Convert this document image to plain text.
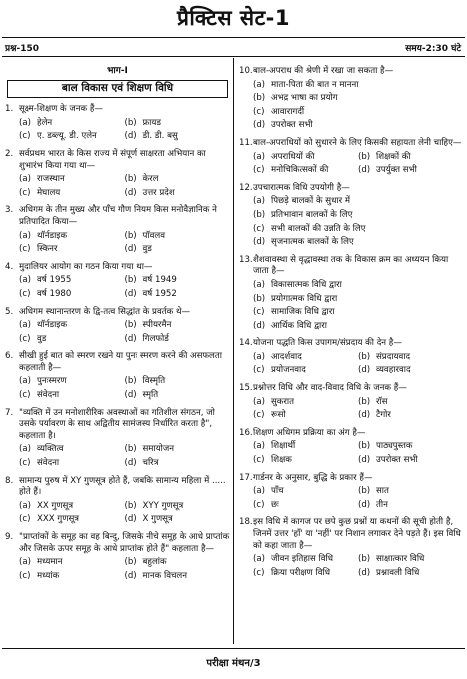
प्रैक्टिस सेट-1
प्रश्न-150	समय-2:30 घंटे
भाग-I
बाल विकास एवं शिक्षण विधि
1. सूक्ष्म-शिक्षण के जनक हैं—
(a) हेलेन	(b) फ्रायड
(c) ए. डब्ल्यू. डी. एलेन	(d) डी. डी. बसु
2. सर्वप्रथम भारत के किस राज्य में संपूर्ण साक्षरता अभियान का शुभारंभ किया गया था—
(a) राजस्थान	(b) केरल
(c) मेघालय	(d) उत्तर प्रदेश
3. अधिगम के तीन मुख्य और पाँच गौण नियम किस मनोवैज्ञानिक ने प्रतिपादित किया—
(a) थॉर्नडाइक	(b) पॉवलव
(c) स्किनर	(d) वुड
4. मुदालियर आयोग का गठन किया गया था—
(a) वर्ष 1955	(b) वर्ष 1949
(c) वर्ष 1980	(d) वर्ष 1952
5. अधिगम स्थानान्तरण के द्वि-तत्व सिद्धांत के प्रवर्तक थे—
(a) थॉर्नडाइक	(b) स्पीयरमैन
(c) वुड	(d) गिलफोर्ड
6. सीखी हुई बात को स्मरण रखने या पुनः स्मरण करने की असफलता कहलाती है—
(a) पुनःस्मरण	(b) विस्मृति
(c) संवेदना	(d) स्मृति
7. "व्यक्ति में उन मनोशारीरिक अवस्थाओं का गतिशील संगठन, जो उसके पर्यावरण के साथ अद्वितीय सामंजस्य निर्धारित करता है", कहलाता है।
(a) व्यक्तित्व	(b) समायोजन
(c) संवेदना	(d) चरित्र
8. सामान्य पुरुष में XY गुणसूत्र होते हैं, जबकि सामान्य महिला में ..... होते हैं।
(a) XX गुणसूत्र	(b) XYY गुणसूत्र
(c) XXX गुणसूत्र	(d) X गुणसूत्र
9. "प्राप्तांकों के समूह का वह बिन्दु, जिसके नीचे समूह के आधे प्राप्तांक और जिसके ऊपर समूह के आधे प्राप्तांक होते हैं" कहलाता है—
(a) मध्यमान	(b) बहुलांक
(c) मध्यांक	(d) मानक विचलन
10. बाल-अपराध की श्रेणी में रखा जा सकता है—
(a) माता-पिता की बात न मानना
(b) अभद्र भाषा का प्रयोग
(c) आवारागर्दी
(d) उपरोक्त सभी
11. बाल-अपराधियों को सुधारने के लिए किसकी सहायता लेनी चाहिए—
(a) अपराधियों की	(b) शिक्षकों की
(c) मनोचिकित्सकों की	(d) उपर्युक्त सभी
12. उपचारात्मक विधि उपयोगी है—
(a) पिछड़े बालकों के सुधार में
(b) प्रतिभावान बालकों के लिए
(c) सभी बालकों की उन्नति के लिए
(d) सृजनात्मक बालकों के लिए
13. शैशवावस्था से वृद्धावस्था तक के विकास क्रम का अध्ययन किया जाता है—
(a) विकासात्मक विधि द्वारा
(b) प्रयोगात्मक विधि द्वारा
(c) सामाजिक विधि द्वारा
(d) आर्थिक विधि द्वारा
14. योजना पद्धति किस उपागम/संप्रदाय की देन है—
(a) आदर्शवाद	(b) संप्रदायवाद
(c) प्रयोजनवाद	(d) व्यवहारवाद
15. प्रश्नोत्तर विधि और वाद-विवाद विधि के जनक हैं—
(a) सुकरात	(b) रॉस
(c) रूसो	(d) टैगोर
16. शिक्षण अधिगम प्रक्रिया का अंग है—
(a) शिक्षार्थी	(b) पाठ्यपुस्तक
(c) शिक्षक	(d) उपरोक्त सभी
17. गार्डनर के अनुसार, बुद्धि के प्रकार हैं—
(a) पाँच	(b) सात
(c) छः	(d) तीन
18. इस विधि में कागज पर छपे कुछ प्रश्नों या कथनों की सूची होती है, जिनमें उत्तर 'हाँ' या 'नहीं' पर निशान लगाकर देने पड़ते हैं। इस विधि को कहा जाता है—
(a) जीवन इतिहास विधि	(b) साक्षात्कार विधि
(c) क्रिया परीक्षण विधि	(d) प्रश्नावली विधि
परीक्षा मंथन/3
